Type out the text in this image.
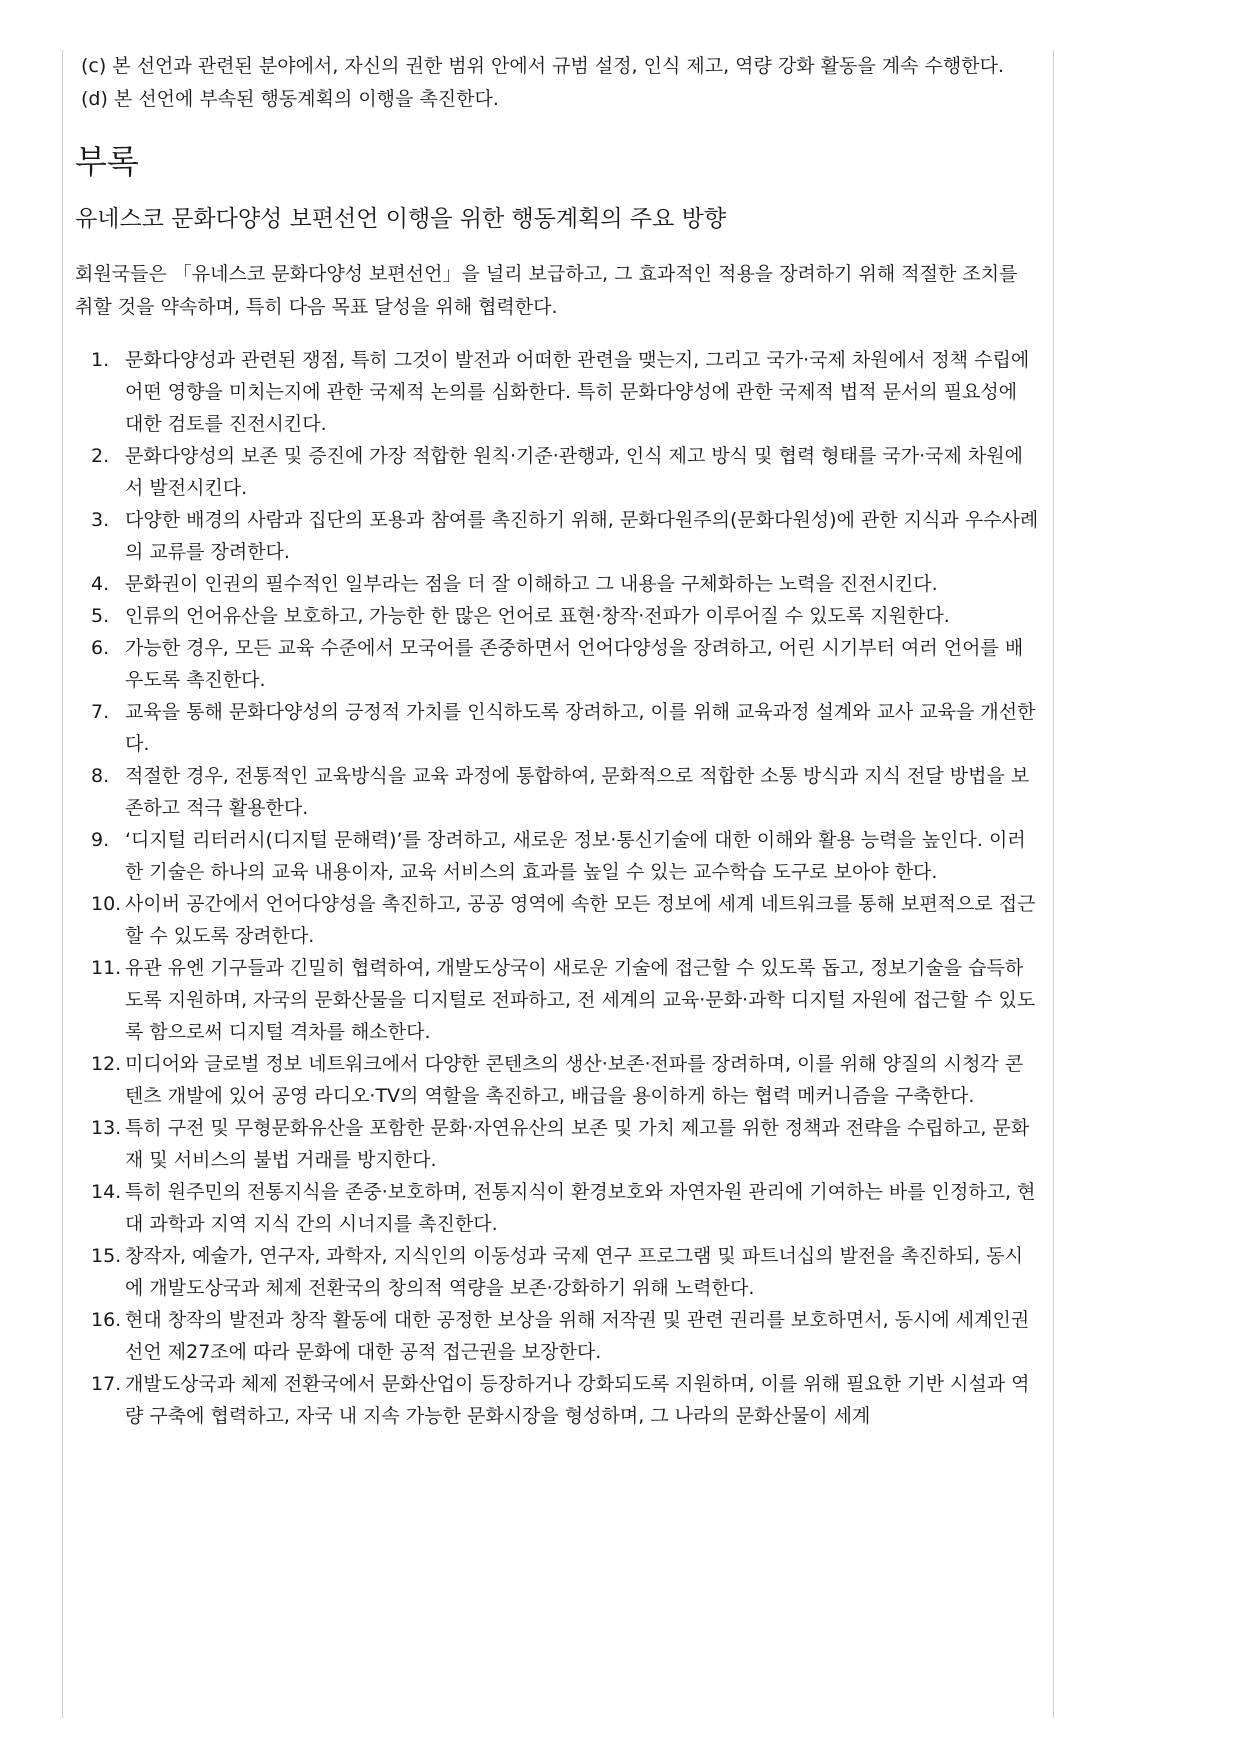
(c) 본 선언과 관련된 분야에서, 자신의 권한 범위 안에서 규범 설정, 인식 제고, 역량 강화 활동을 계속 수행한다.

(d) 본 선언에 부속된 행동계획의 이행을 촉진한다.

부록
유네스코 문화다양성 보편선언 이행을 위한 행동계획의 주요 방향

회원국들은 「유네스코 문화다양성 보편선언」을 널리 보급하고, 그 효과적인 적용을 장려하기 위해 적절한 조치를 취할 것을 약속하며, 특히 다음 목표 달성을 위해 협력한다.

1. 문화다양성과 관련된 쟁점, 특히 그것이 발전과 어떠한 관련을 맺는지, 그리고 국가·국제 차원에서 정책 수립에 어떤 영향을 미치는지에 관한 국제적 논의를 심화한다. 특히 문화다양성에 관한 국제적 법적 문서의 필요성에 대한 검토를 진전시킨다.
2. 문화다양성의 보존 및 증진에 가장 적합한 원칙·기준·관행과, 인식 제고 방식 및 협력 형태를 국가·국제 차원에서 발전시킨다.
3. 다양한 배경의 사람과 집단의 포용과 참여를 촉진하기 위해, 문화다원주의(문화다원성)에 관한 지식과 우수사례의 교류를 장려한다.
4. 문화권이 인권의 필수적인 일부라는 점을 더 잘 이해하고 그 내용을 구체화하는 노력을 진전시킨다.
5. 인류의 언어유산을 보호하고, 가능한 한 많은 언어로 표현·창작·전파가 이루어질 수 있도록 지원한다.
6. 가능한 경우, 모든 교육 수준에서 모국어를 존중하면서 언어다양성을 장려하고, 어린 시기부터 여러 언어를 배우도록 촉진한다.
7. 교육을 통해 문화다양성의 긍정적 가치를 인식하도록 장려하고, 이를 위해 교육과정 설계와 교사 교육을 개선한다.
8. 적절한 경우, 전통적인 교육방식을 교육 과정에 통합하여, 문화적으로 적합한 소통 방식과 지식 전달 방법을 보존하고 적극 활용한다.
9. ‘디지털 리터러시(디지털 문해력)’를 장려하고, 새로운 정보·통신기술에 대한 이해와 활용 능력을 높인다. 이러한 기술은 하나의 교육 내용이자, 교육 서비스의 효과를 높일 수 있는 교수학습 도구로 보아야 한다.
10. 사이버 공간에서 언어다양성을 촉진하고, 공공 영역에 속한 모든 정보에 세계 네트워크를 통해 보편적으로 접근할 수 있도록 장려한다.
11. 유관 유엔 기구들과 긴밀히 협력하여, 개발도상국이 새로운 기술에 접근할 수 있도록 돕고, 정보기술을 습득하도록 지원하며, 자국의 문화산물을 디지털로 전파하고, 전 세계의 교육·문화·과학 디지털 자원에 접근할 수 있도록 함으로써 디지털 격차를 해소한다.
12. 미디어와 글로벌 정보 네트워크에서 다양한 콘텐츠의 생산·보존·전파를 장려하며, 이를 위해 양질의 시청각 콘텐츠 개발에 있어 공영 라디오·TV의 역할을 촉진하고, 배급을 용이하게 하는 협력 메커니즘을 구축한다.
13. 특히 구전 및 무형문화유산을 포함한 문화·자연유산의 보존 및 가치 제고를 위한 정책과 전략을 수립하고, 문화재 및 서비스의 불법 거래를 방지한다.
14. 특히 원주민의 전통지식을 존중·보호하며, 전통지식이 환경보호와 자연자원 관리에 기여하는 바를 인정하고, 현대 과학과 지역 지식 간의 시너지를 촉진한다.
15. 창작자, 예술가, 연구자, 과학자, 지식인의 이동성과 국제 연구 프로그램 및 파트너십의 발전을 촉진하되, 동시에 개발도상국과 체제 전환국의 창의적 역량을 보존·강화하기 위해 노력한다.
16. 현대 창작의 발전과 창작 활동에 대한 공정한 보상을 위해 저작권 및 관련 권리를 보호하면서, 동시에 세계인권선언 제27조에 따라 문화에 대한 공적 접근권을 보장한다.
17. 개발도상국과 체제 전환국에서 문화산업이 등장하거나 강화되도록 지원하며, 이를 위해 필요한 기반 시설과 역량 구축에 협력하고, 자국 내 지속 가능한 문화시장을 형성하며, 그 나라의 문화산물이 세계
